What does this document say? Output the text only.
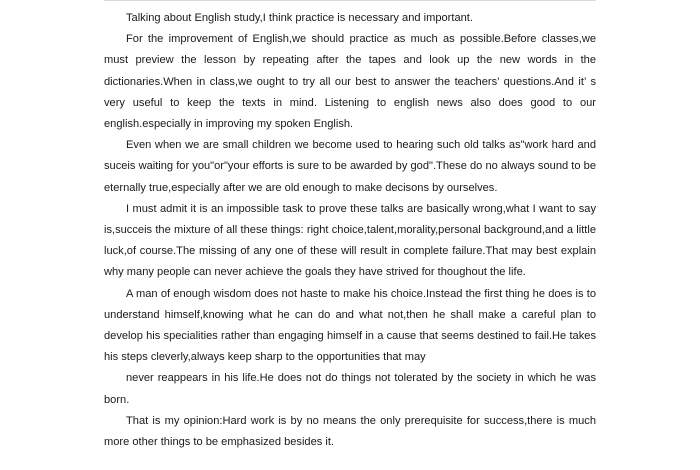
Talking about English study,I think practice is necessary and important.

For the improvement of English,we should practice as much as possible.Before classes,we must preview the lesson by repeating after the tapes and look up the new words in the dictionaries.When in class,we ought to try all our best to answer the teachers’ questions.And it’ s very useful to keep the texts in mind. Listening to english news also does good to our english.especially in improving my spoken English.

Even when we are small children we become used to hearing such old talks as"work hard and suceis waiting for you"or"your efforts is sure to be awarded by god".These do no always sound to be eternally true,especially after we are old enough to make decisons by ourselves.

I must admit it is an impossible task to prove these talks are basically wrong,what I want to say is,succeis the mixture of all these things: right choice,talent,morality,personal background,and a little luck,of course.The missing of any one of these will result in complete failure.That may best explain why many people can never achieve the goals they have strived for thoughout the life.

A man of enough wisdom does not haste to make his choice.Instead the first thing he does is to understand himself,knowing what he can do and what not,then he shall make a careful plan to develop his specialities rather than engaging himself in a cause that seems destined to fail.He takes his steps cleverly,always keep sharp to the opportunities that may

never reappears in his life.He does not do things not tolerated by the society in which he was born.

That is my opinion:Hard work is by no means the only prerequisite for success,there is much more other things to be emphasized besides it.
